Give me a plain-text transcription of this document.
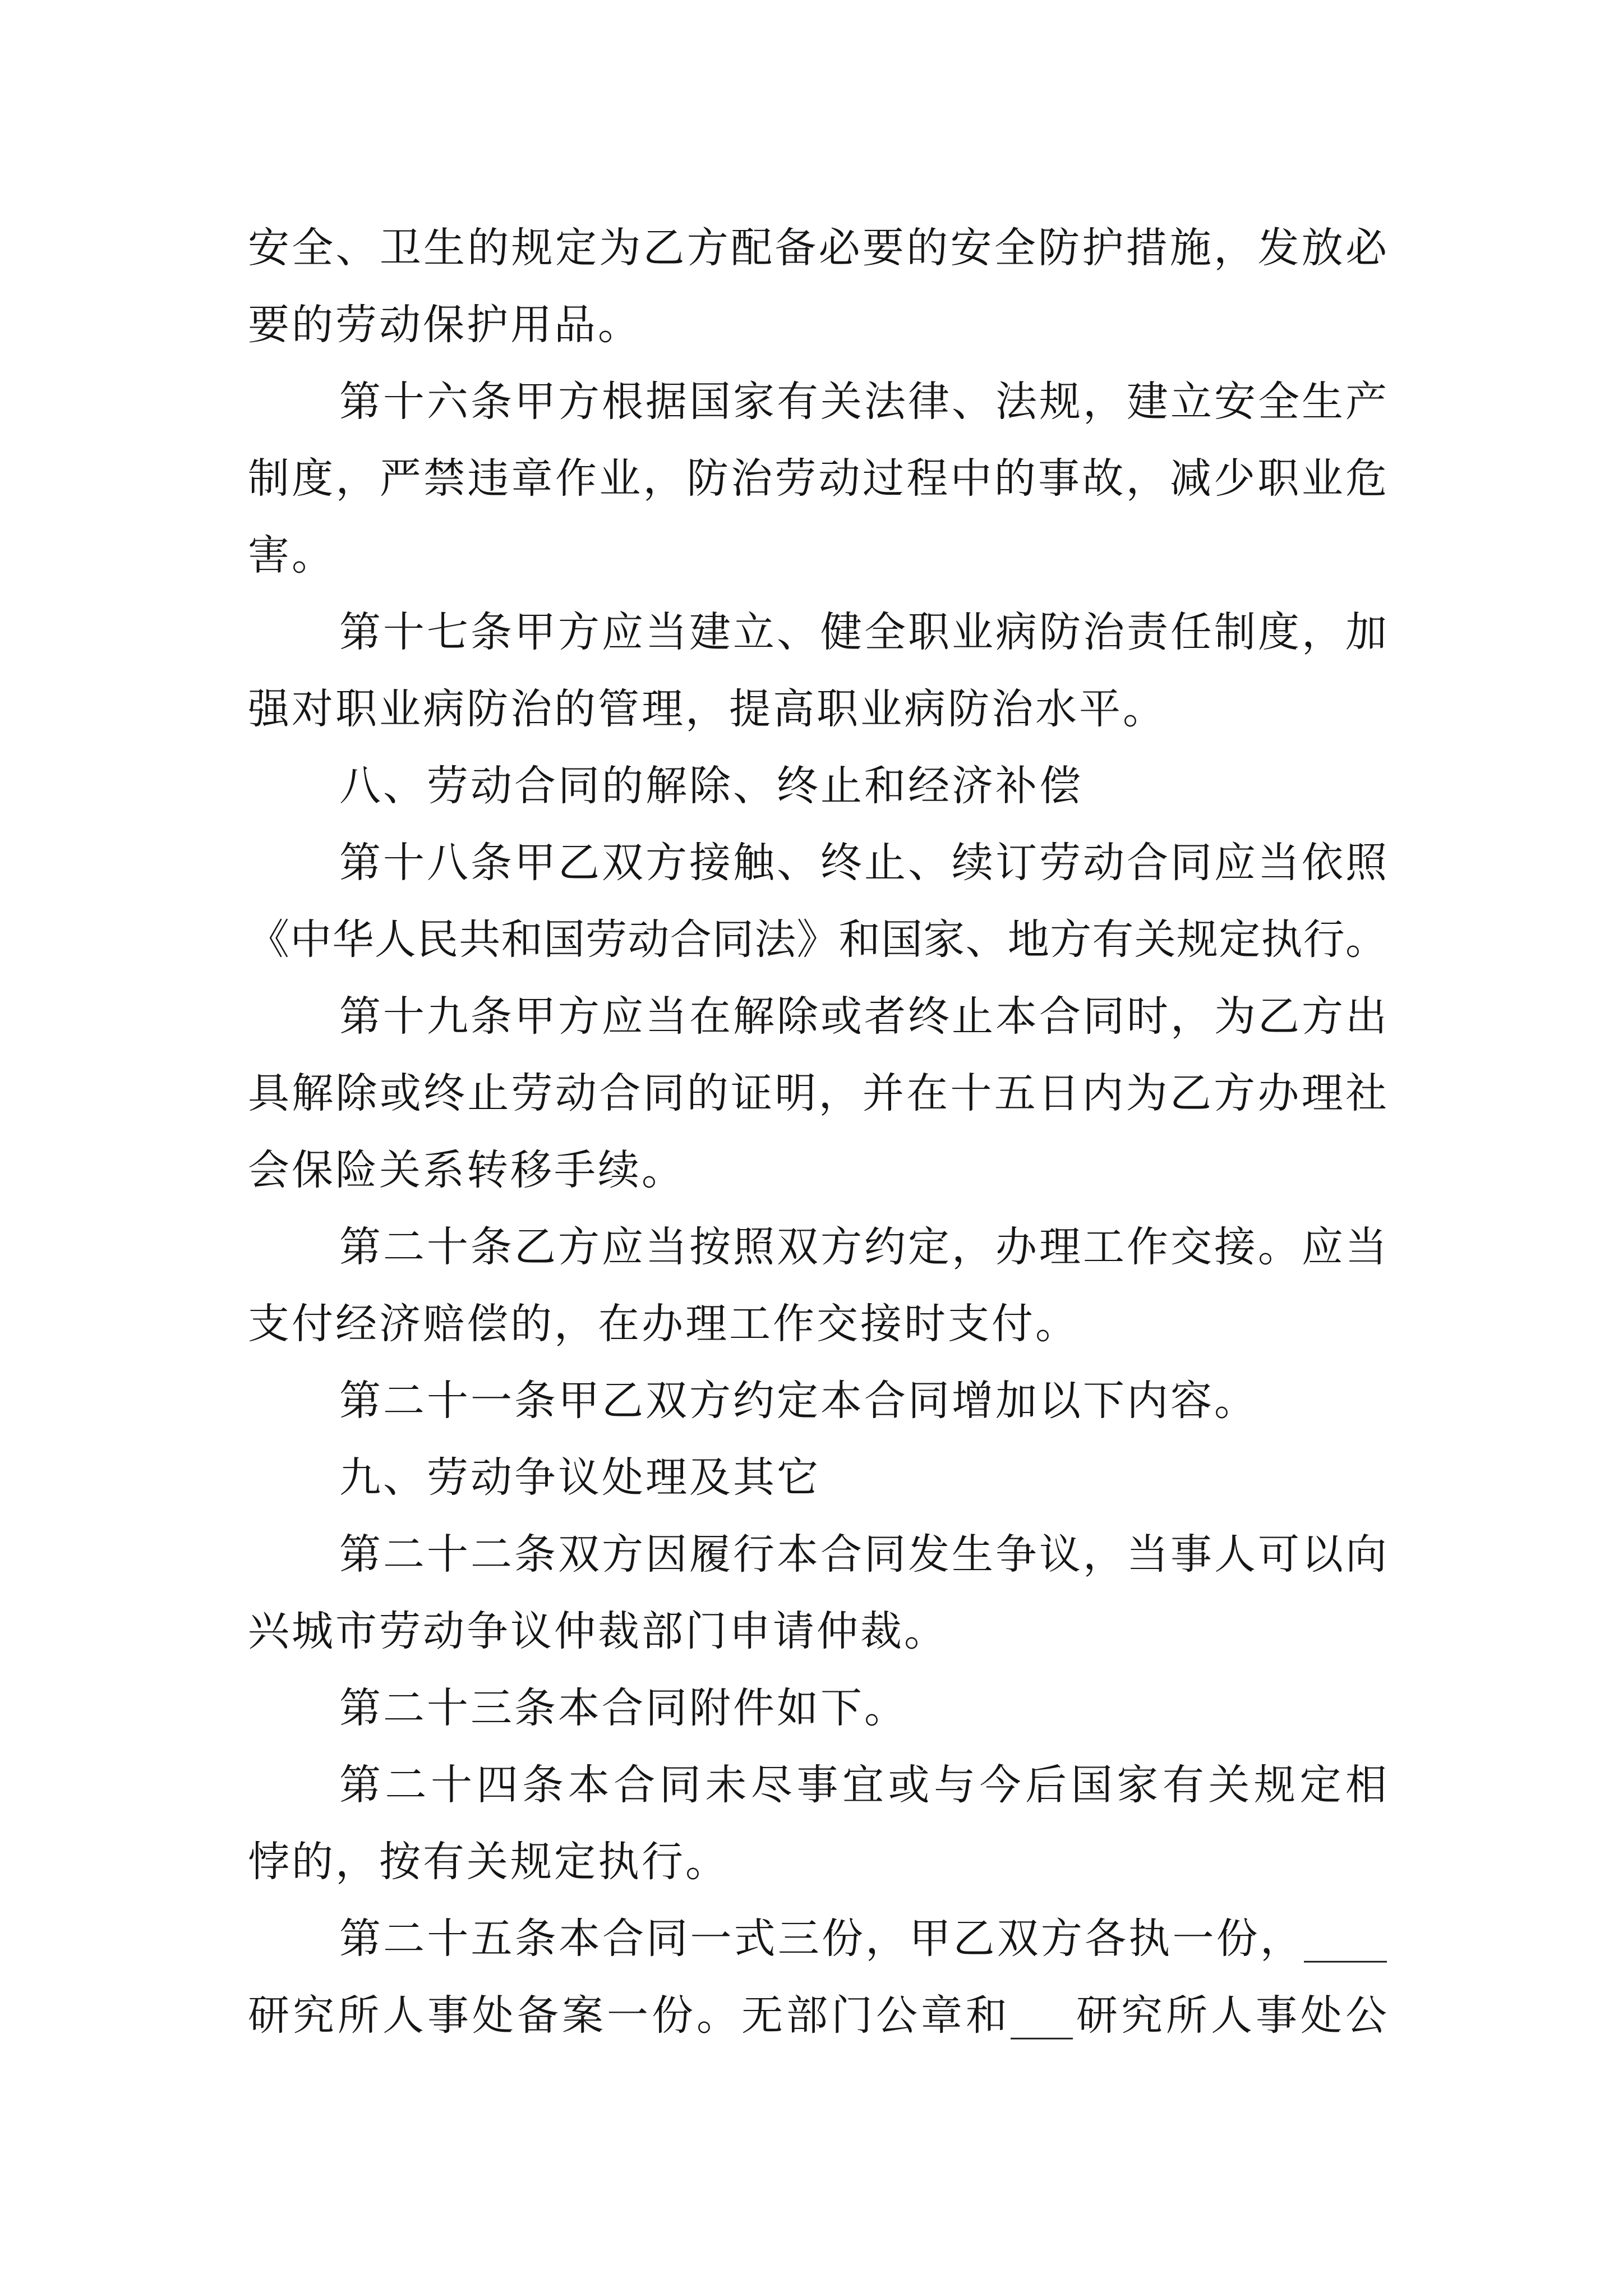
安全、卫生的规定为乙方配备必要的安全防护措施，发放必
要的劳动保护用品。
第十六条甲方根据国家有关法律、法规，建立安全生产
制度，严禁违章作业，防治劳动过程中的事故，减少职业危
害。
第十七条甲方应当建立、健全职业病防治责任制度，加
强对职业病防治的管理，提高职业病防治水平。
八、劳动合同的解除、终止和经济补偿
第十八条甲乙双方接触、终止、续订劳动合同应当依照
《中华人民共和国劳动合同法》和国家、地方有关规定执行。
第十九条甲方应当在解除或者终止本合同时，为乙方出
具解除或终止劳动合同的证明，并在十五日内为乙方办理社
会保险关系转移手续。
第二十条乙方应当按照双方约定，办理工作交接。应当
支付经济赔偿的，在办理工作交接时支付。
第二十一条甲乙双方约定本合同增加以下内容。
九、劳动争议处理及其它
第二十二条双方因履行本合同发生争议，当事人可以向
兴城市劳动争议仲裁部门申请仲裁。
第二十三条本合同附件如下。
第二十四条本合同未尽事宜或与今后国家有关规定相
悖的，按有关规定执行。
第二十五条本合同一式三份，甲乙双方各执一份，____
研究所人事处备案一份。无部门公章和___研究所人事处公
